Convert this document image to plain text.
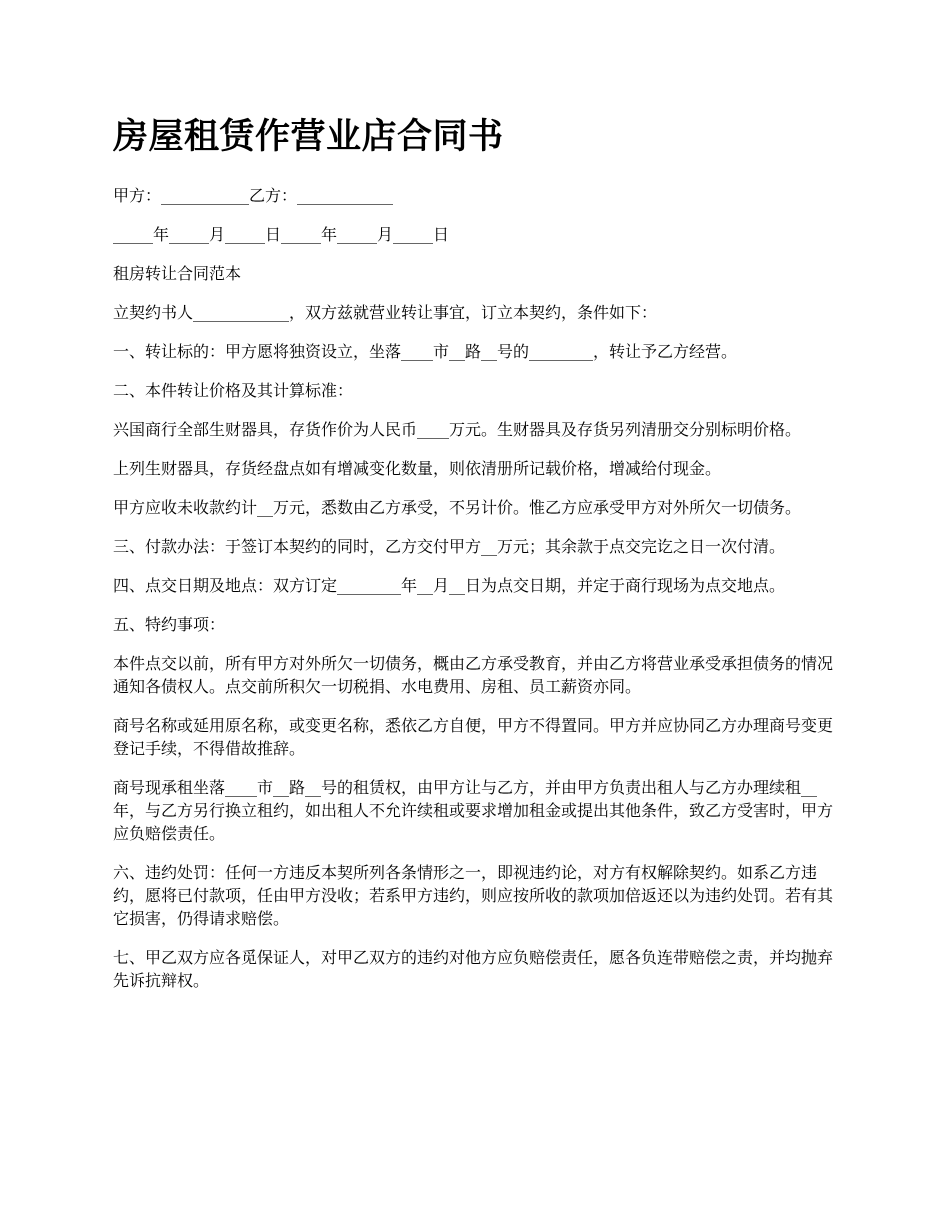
房屋租赁作营业店合同书

甲方：___________乙方：____________

_____年_____月_____日_____年_____月_____日

租房转让合同范本

立契约书人____________，双方兹就营业转让事宜，订立本契约，条件如下：

一、转让标的：甲方愿将独资设立，坐落____市__路__号的________，转让予乙方经营。

二、本件转让价格及其计算标准：

兴国商行全部生财器具，存货作价为人民币____万元。生财器具及存货另列清册交分别标明价格。

上列生财器具，存货经盘点如有增减变化数量，则依清册所记载价格，增减给付现金。

甲方应收未收款约计__万元，悉数由乙方承受，不另计价。惟乙方应承受甲方对外所欠一切债务。

三、付款办法：于签订本契约的同时，乙方交付甲方__万元；其余款于点交完讫之日一次付清。

四、点交日期及地点：双方订定________年__月__日为点交日期，并定于商行现场为点交地点。

五、特约事项：

本件点交以前，所有甲方对外所欠一切债务，概由乙方承受教育，并由乙方将营业承受承担债务的情况通知各债权人。点交前所积欠一切税捐、水电费用、房租、员工薪资亦同。

商号名称或延用原名称，或变更名称，悉依乙方自便，甲方不得置同。甲方并应协同乙方办理商号变更登记手续，不得借故推辞。

商号现承租坐落____市__路__号的租赁权，由甲方让与乙方，并由甲方负责出租人与乙方办理续租__年，与乙方另行换立租约，如出租人不允许续租或要求增加租金或提出其他条件，致乙方受害时，甲方应负赔偿责任。

六、违约处罚：任何一方违反本契所列各条情形之一，即视违约论，对方有权解除契约。如系乙方违约，愿将已付款项，任由甲方没收；若系甲方违约，则应按所收的款项加倍返还以为违约处罚。若有其它损害，仍得请求赔偿。

七、甲乙双方应各觅保证人，对甲乙双方的违约对他方应负赔偿责任，愿各负连带赔偿之责，并均抛弃先诉抗辩权。
